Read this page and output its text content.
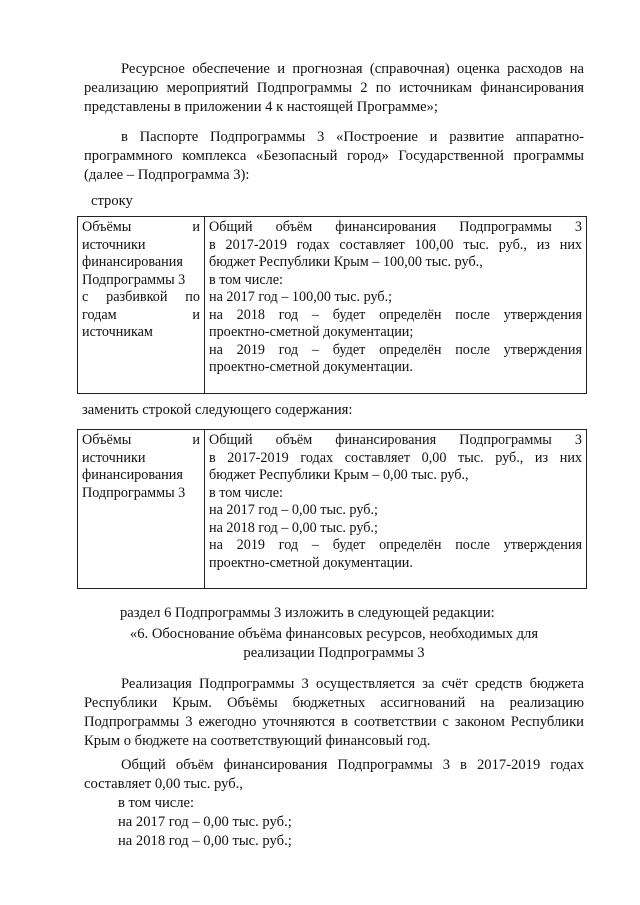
Ресурсное обеспечение и прогнозная (справочная) оценка расходов на
реализацию мероприятий Подпрограммы 2 по источникам финансирования
представлены в приложении 4 к настоящей Программе»;
в Паспорте Подпрограммы 3 «Построение и развитие аппаратно-
программного комплекса «Безопасный город» Государственной программы
(далее – Подпрограмма 3):

строку

Объёмы и
источники
финансирования
Подпрограммы 3
с разбивкой по
годам и
источникам

Общий объём финансирования Подпрограммы 3
в 2017-2019 годах составляет 100,00 тыс. руб., из них
бюджет Республики Крым – 100,00 тыс. руб.,
в том числе:
на 2017 год – 100,00 тыс. руб.;
на 2018 год – будет определён после утверждения
проектно-сметной документации;
на 2019 год – будет определён после утверждения
проектно-сметной документации.

заменить строкой следующего содержания:

Объёмы и
источники
финансирования
Подпрограммы 3

Общий объём финансирования Подпрограммы 3
в 2017-2019 годах составляет 0,00 тыс. руб., из них
бюджет Республики Крым – 0,00 тыс. руб.,
в том числе:
на 2017 год – 0,00 тыс. руб.;
на 2018 год – 0,00 тыс. руб.;
на 2019 год – будет определён после утверждения
проектно-сметной документации.

раздел 6 Подпрограммы 3 изложить в следующей редакции:

«6. Обоснование объёма финансовых ресурсов, необходимых для
реализации Подпрограммы 3
Реализация Подпрограммы 3 осуществляется за счёт средств бюджета
Республики Крым. Объёмы бюджетных ассигнований на реализацию
Подпрограммы 3 ежегодно уточняются в соответствии с законом Республики
Крым о бюджете на соответствующий финансовый год.
Общий объём финансирования Подпрограммы 3 в 2017-2019 годах
составляет 0,00 тыс. руб.,
в том числе:
на 2017 год – 0,00 тыс. руб.;
на 2018 год – 0,00 тыс. руб.;
